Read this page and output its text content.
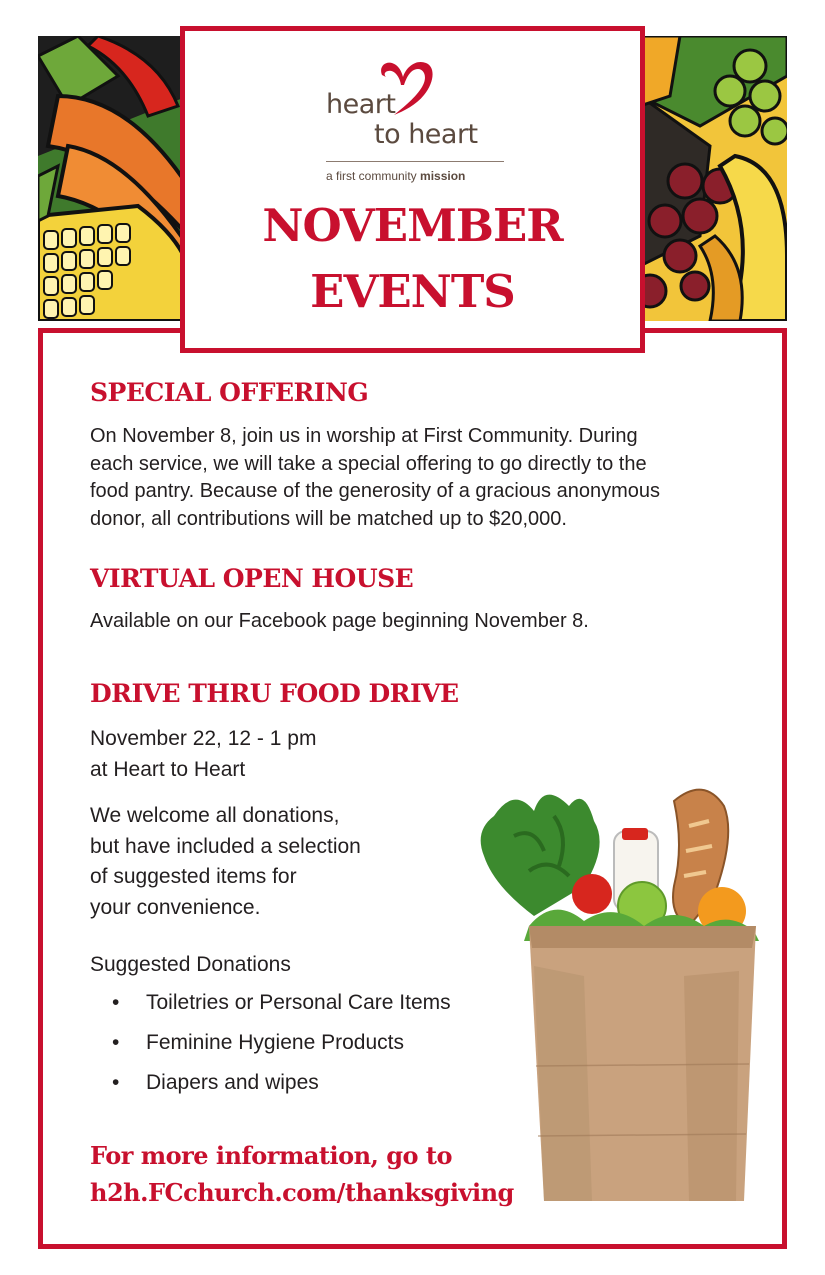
heart
to heart
a first community mission
NOVEMBER
EVENTS
SPECIAL OFFERING
On November 8, join us in worship at First Community. During
each service, we will take a special offering to go directly to the
food pantry. Because of the generosity of a gracious anonymous
donor, all contributions will be matched up to $20,000.
VIRTUAL OPEN HOUSE
Available on our Facebook page beginning November 8.
DRIVE THRU FOOD DRIVE
November 22, 12 - 1 pm
at Heart to Heart
We welcome all donations,
but have included a selection
of suggested items for
your convenience.
Suggested Donations
•	Toiletries or Personal Care Items
•	Feminine Hygiene Products
•	Diapers and wipes
For more information, go to
h2h.FCchurch.com/thanksgiving
